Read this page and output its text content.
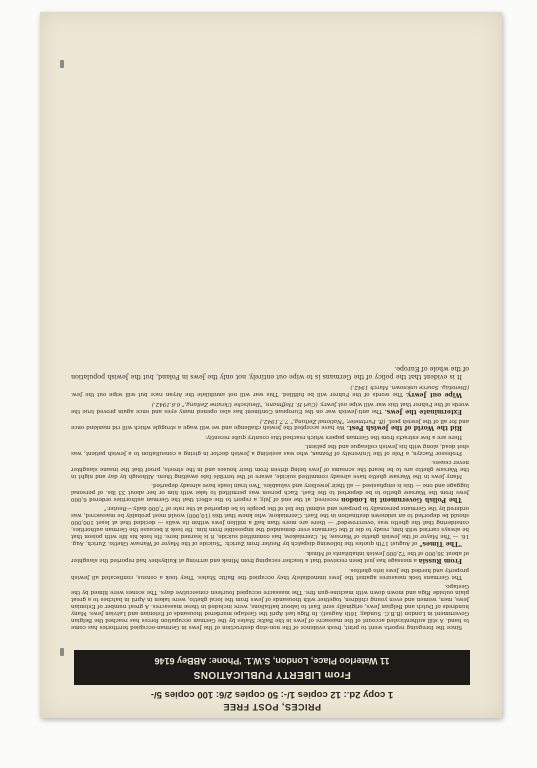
PRICES, POST FREE
1 copy 2d.: 12 copies 1/-: 50 copies 2/6: 100 copies 5/-
From LIBERTY PUBLICATIONS
11 Waterloo Place, London, S.W.1. 'Phone: ABBey 6146

Since the foregoing reports went to print, fresh evidence of the non-stop destruction of the Jews in German-occupied territories has come to hand. A still authenticated account of the massacre of Jews in the Baltic States by the German occupation forces has reached the Belgian Government in London (B.B.C. Sunday, 16th August). In Riga last April the Gestapo murdered thousands of Estonian and Latvian Jews. Many hundreds of Dutch and Belgian Jews, originally sent East to labour battalions, were included in these massacres. A great number of Estonian Jews, men, women and even young children, together with thousands of Jews from the local ghetto, were taken in April in batches to a great plain outside Riga and mown down with machine-gun fire. The massacre occupied fourteen consecutive days. The scenes were filmed by the Gestapo.

The Germans took measures against the Jews immediately they occupied the Baltic States. They took a census, confiscated all Jewish property and herded the Jews into ghettos.

From Russia a message has just been received that a teacher escaping from Minsk and arriving at Kuibyshev had reported the slaughter of about 36,000 of the 72,000 Jewish inhabitants of Minsk.

"The Times" of August 17th quotes the following dispatch by Reuter from Zurich: "Suicide of the Mayor of Warsaw Ghetto. Zurich, Aug. 16. — The Mayor of the Jewish ghetto of Warsaw, M. Czerniakow, has committed suicide, it is learned here. He took his life with poison that he always carried with him, ready to die if the Germans ever demanded the impossible from him. He took it because the German authorities, considering that the ghetto was 'overcrowded' — there are more than half a million Jews within its walls — decided that at least 100,000 should be deported to an unknown destination in the East. Czerniakow, who knew that this (10,000) would most probably be massacred, was ordered by the Germans personally to prepare and submit the list of the people to be deported at the rate of 7,000 daily.—Reuter."

The Polish Government in London received, at the end of July, a report to the effect that the German authorities ordered 6,000 Jews from the Warsaw ghetto to be deported to the East. Each person was permitted to take with him or her about 33 lbs. of personal luggage and one — this is emphasised — all their jewellery and valuables. Two train loads have already departed.

Many Jews in the Warsaw ghetto have already committed suicide, aware of the terrible fate awaiting them. Although by day and night in the Warsaw ghetto are to be heard the screams of Jews being driven from their houses and in the streets, proof that the insane slaughter never ceases.

Professor Raczyn, a Pole of the University of Poznan, who was assisting a Jewish doctor in giving a consultation to a Jewish patient, was shot dead, along with his Jewish colleague and the patient.

Here are a few extracts from the German papers which reached this country quite recently:

Rid the World of the Jewish Pest. We have accepted the Jewish challenge and we will wage a struggle which will rid mankind once and for all of the Jewish pest. (R. Furtmeier, "National Zeitung," 7.7.1942.)

Exterminate the Jews. The anti-Jewish war on the European Continent has also opened many eyes and once again proved true the words of the Fuhrer that this war will wipe out Jewry. (Carl H. Hoffmann, "Deutsche Ukraine Zeitung," 6.6.1942.)

Wipe out Jewry. The words of the Fuhrer will be fulfilled. This war will not annihilate the Aryan race but will wipe out the Jew. (Dienstag. Source unknown. March 1942.)

It is evident that the policy of the Germans is to wipe out entirely, not only the Jews in Poland, but the Jewish population of the whole of Europe.
